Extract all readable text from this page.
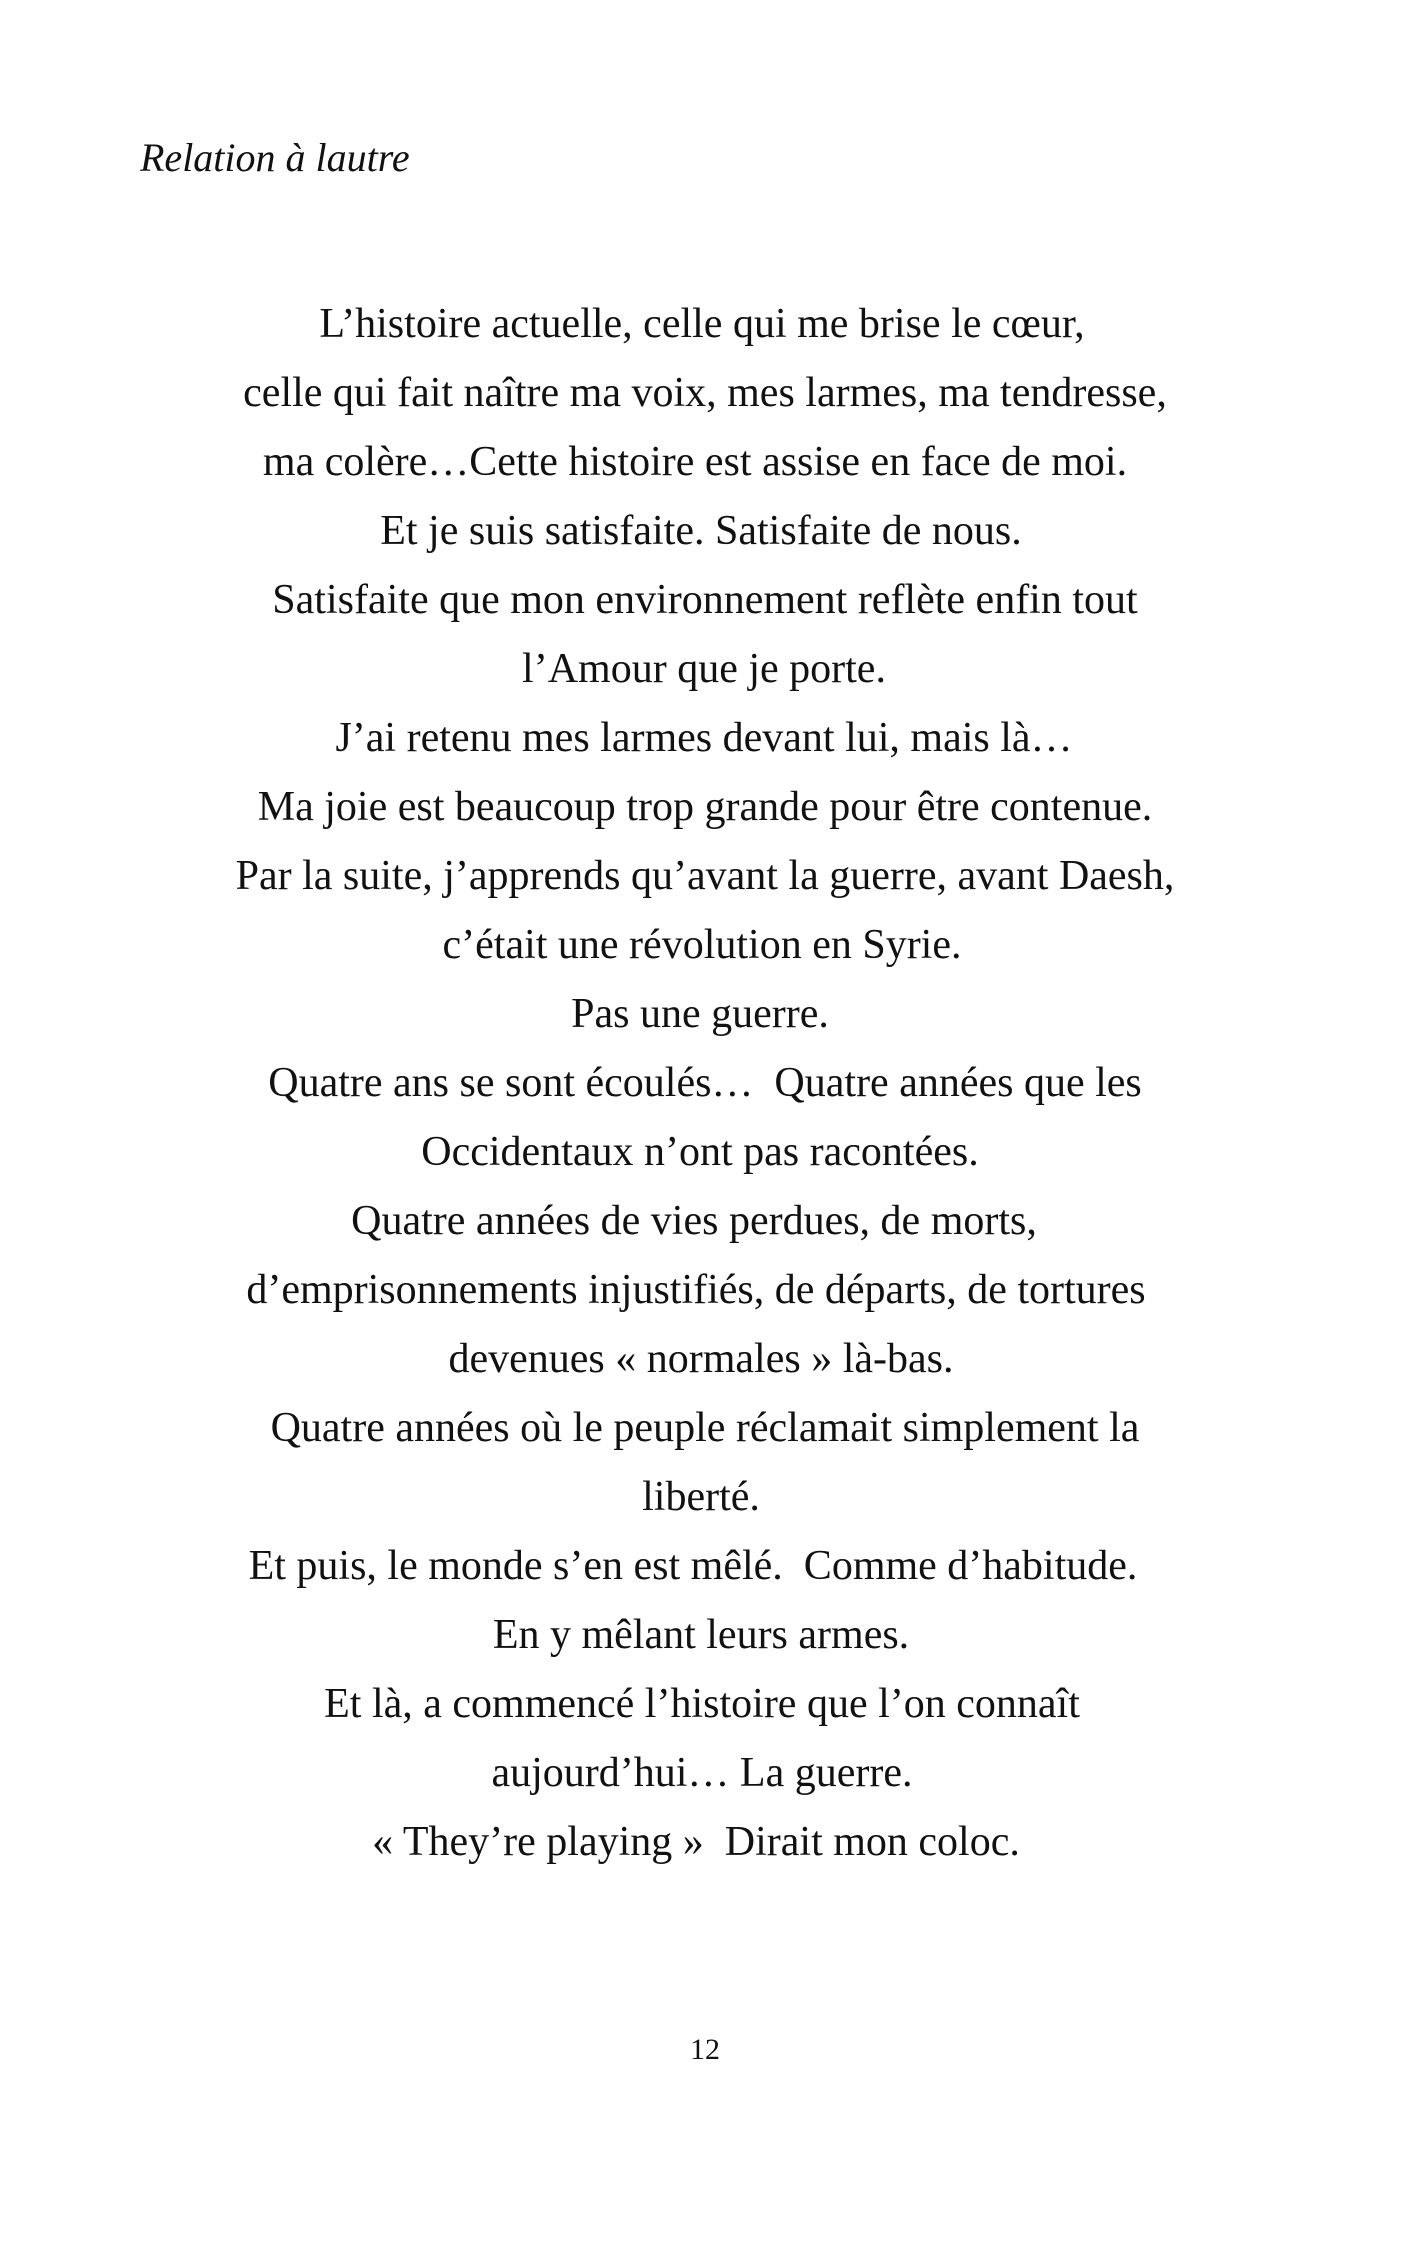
Relation à lautre
L’histoire actuelle, celle qui me brise le cœur,
celle qui fait naître ma voix, mes larmes, ma tendresse,
ma colère…Cette histoire est assise en face de moi.
Et je suis satisfaite. Satisfaite de nous.
Satisfaite que mon environnement reflète enfin tout
l’Amour que je porte.
J’ai retenu mes larmes devant lui, mais là…
Ma joie est beaucoup trop grande pour être contenue.
Par la suite, j’apprends qu’avant la guerre, avant Daesh,
c’était une révolution en Syrie.
Pas une guerre.
Quatre ans se sont écoulés…  Quatre années que les
Occidentaux n’ont pas racontées.
Quatre années de vies perdues, de morts,
d’emprisonnements injustifiés, de départs, de tortures
devenues « normales » là-bas.
Quatre années où le peuple réclamait simplement la
liberté.
Et puis, le monde s’en est mêlé.  Comme d’habitude.
En y mêlant leurs armes.
Et là, a commencé l’histoire que l’on connaît
aujourd’hui… La guerre.
« They’re playing »  Dirait mon coloc.
12
